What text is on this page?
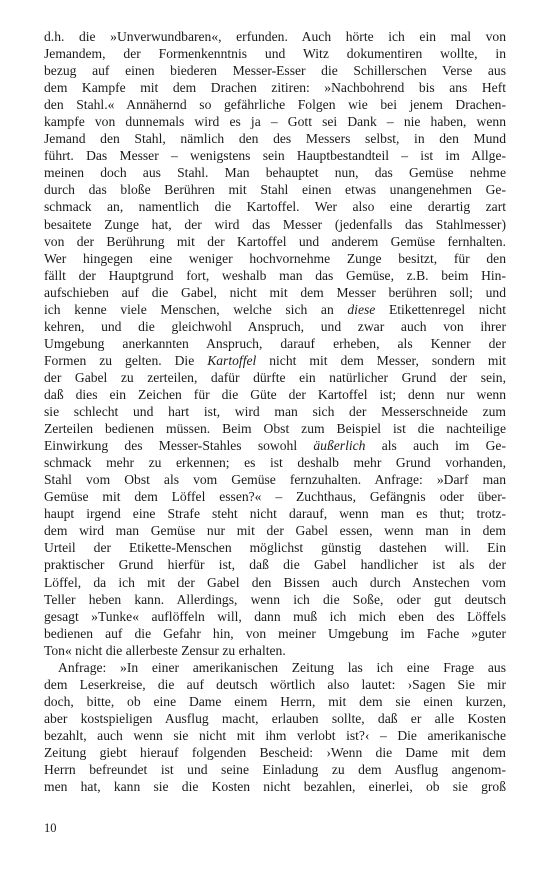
d.h. die »Unverwundbaren«, erfunden. Auch hörte ich ein mal von
Jemandem, der Formenkenntnis und Witz dokumentiren wollte, in
bezug auf einen biederen Messer-Esser die Schillerschen Verse aus
dem Kampfe mit dem Drachen zitiren: »Nachbohrend bis ans Heft
den Stahl.« Annähernd so gefährliche Folgen wie bei jenem Drachen-
kampfe von dunnemals wird es ja – Gott sei Dank – nie haben, wenn
Jemand den Stahl, nämlich den des Messers selbst, in den Mund
führt. Das Messer – wenigstens sein Hauptbestandteil – ist im Allge-
meinen doch aus Stahl. Man behauptet nun, das Gemüse nehme
durch das bloße Berühren mit Stahl einen etwas unangenehmen Ge-
schmack an, namentlich die Kartoffel. Wer also eine derartig zart
besaitete Zunge hat, der wird das Messer (jedenfalls das Stahlmesser)
von der Berührung mit der Kartoffel und anderem Gemüse fernhalten.
Wer hingegen eine weniger hochvornehme Zunge besitzt, für den
fällt der Hauptgrund fort, weshalb man das Gemüse, z.B. beim Hin-
aufschieben auf die Gabel, nicht mit dem Messer berühren soll; und
ich kenne viele Menschen, welche sich an diese Etikettenregel nicht
kehren, und die gleichwohl Anspruch, und zwar auch von ihrer
Umgebung anerkannten Anspruch, darauf erheben, als Kenner der
Formen zu gelten. Die Kartoffel nicht mit dem Messer, sondern mit
der Gabel zu zerteilen, dafür dürfte ein natürlicher Grund der sein,
daß dies ein Zeichen für die Güte der Kartoffel ist; denn nur wenn
sie schlecht und hart ist, wird man sich der Messerschneide zum
Zerteilen bedienen müssen. Beim Obst zum Beispiel ist die nachteilige
Einwirkung des Messer-Stahles sowohl äußerlich als auch im Ge-
schmack mehr zu erkennen; es ist deshalb mehr Grund vorhanden,
Stahl vom Obst als vom Gemüse fernzuhalten. Anfrage: »Darf man
Gemüse mit dem Löffel essen?« – Zuchthaus, Gefängnis oder über-
haupt irgend eine Strafe steht nicht darauf, wenn man es thut; trotz-
dem wird man Gemüse nur mit der Gabel essen, wenn man in dem
Urteil der Etikette-Menschen möglichst günstig dastehen will. Ein
praktischer Grund hierfür ist, daß die Gabel handlicher ist als der
Löffel, da ich mit der Gabel den Bissen auch durch Anstechen vom
Teller heben kann. Allerdings, wenn ich die Soße, oder gut deutsch
gesagt »Tunke« auflöffeln will, dann muß ich mich eben des Löffels
bedienen auf die Gefahr hin, von meiner Umgebung im Fache »guter
Ton« nicht die allerbeste Zensur zu erhalten.
Anfrage: »In einer amerikanischen Zeitung las ich eine Frage aus
dem Leserkreise, die auf deutsch wörtlich also lautet: ›Sagen Sie mir
doch, bitte, ob eine Dame einem Herrn, mit dem sie einen kurzen,
aber kostspieligen Ausflug macht, erlauben sollte, daß er alle Kosten
bezahlt, auch wenn sie nicht mit ihm verlobt ist?‹ – Die amerikanische
Zeitung giebt hierauf folgenden Bescheid: ›Wenn die Dame mit dem
Herrn befreundet ist und seine Einladung zu dem Ausflug angenom-
men hat, kann sie die Kosten nicht bezahlen, einerlei, ob sie groß
10
